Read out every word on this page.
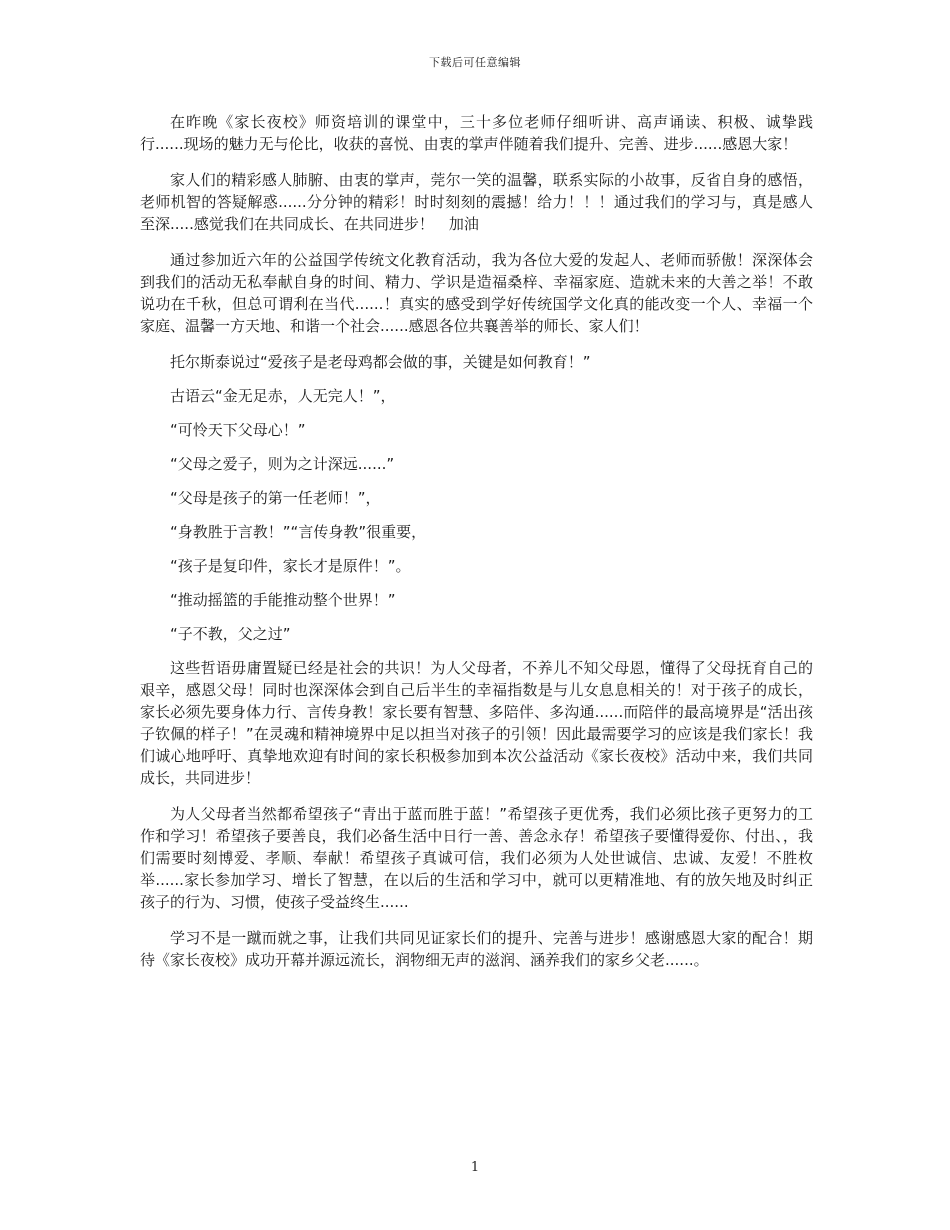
下载后可任意编辑

在昨晚《家长夜校》师资培训的课堂中，三十多位老师仔细听讲、高声诵读、积极、诚挚践行......现场的魅力无与伦比，收获的喜悦、由衷的掌声伴随着我们提升、完善、进步......感恩大家！

家人们的精彩感人肺腑、由衷的掌声，莞尔一笑的温馨，联系实际的小故事，反省自身的感悟，老师机智的答疑解惑......分分钟的精彩！时时刻刻的震撼！给力！！！通过我们的学习与，真是感人至深.....感觉我们在共同成长、在共同进步！　加油

通过参加近六年的公益国学传统文化教育活动，我为各位大爱的发起人、老师而骄傲！深深体会到我们的活动无私奉献自身的时间、精力、学识是造福桑梓、幸福家庭、造就未来的大善之举！不敢说功在千秋，但总可谓利在当代......！真实的感受到学好传统国学文化真的能改变一个人、幸福一个家庭、温馨一方天地、和谐一个社会......感恩各位共襄善举的师长、家人们！

托尔斯泰说过“爱孩子是老母鸡都会做的事，关键是如何教育！”

古语云“金无足赤，人无完人！”，

“可怜天下父母心！”

“父母之爱子，则为之计深远......”

“父母是孩子的第一任老师！”，

“身教胜于言教！”“言传身教”很重要，

“孩子是复印件，家长才是原件！”。

“推动摇篮的手能推动整个世界！”

“子不教，父之过”

这些哲语毋庸置疑已经是社会的共识！为人父母者，不养儿不知父母恩，懂得了父母抚育自己的艰辛，感恩父母！同时也深深体会到自己后半生的幸福指数是与儿女息息相关的！对于孩子的成长，家长必须先要身体力行、言传身教！家长要有智慧、多陪伴、多沟通......而陪伴的最高境界是“活出孩子钦佩的样子！”在灵魂和精神境界中足以担当对孩子的引领！因此最需要学习的应该是我们家长！我们诚心地呼吁、真挚地欢迎有时间的家长积极参加到本次公益活动《家长夜校》活动中来，我们共同成长，共同进步！

为人父母者当然都希望孩子“青出于蓝而胜于蓝！”希望孩子更优秀，我们必须比孩子更努力的工作和学习！希望孩子要善良，我们必备生活中日行一善、善念永存！希望孩子要懂得爱你、付出、，我们需要时刻博爱、孝顺、奉献！希望孩子真诚可信，我们必须为人处世诚信、忠诚、友爱！不胜枚举......家长参加学习、增长了智慧，在以后的生活和学习中，就可以更精准地、有的放矢地及时纠正孩子的行为、习惯，使孩子受益终生......

学习不是一蹴而就之事，让我们共同见证家长们的提升、完善与进步！感谢感恩大家的配合！期待《家长夜校》成功开幕并源远流长，润物细无声的滋润、涵养我们的家乡父老......。

1
